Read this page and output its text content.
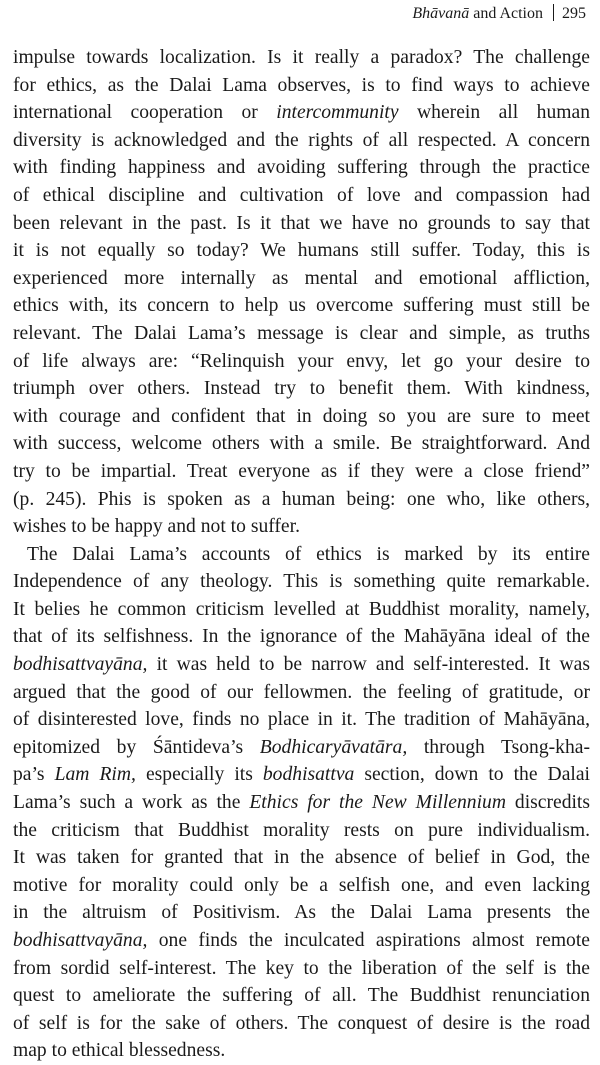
Bhāvanā and Action 295
impulse towards localization. Is it really a paradox? The challenge
for ethics, as the Dalai Lama observes, is to find ways to achieve
international cooperation or intercommunity wherein all human
diversity is acknowledged and the rights of all respected. A concern
with finding happiness and avoiding suffering through the practice
of ethical discipline and cultivation of love and compassion had
been relevant in the past. Is it that we have no grounds to say that
it is not equally so today? We humans still suffer. Today, this is
experienced more internally as mental and emotional affliction,
ethics with, its concern to help us overcome suffering must still be
relevant. The Dalai Lama’s message is clear and simple, as truths
of life always are: “Relinquish your envy, let go your desire to
triumph over others. Instead try to benefit them. With kindness,
with courage and confident that in doing so you are sure to meet
with success, welcome others with a smile. Be straightforward. And
try to be impartial. Treat everyone as if they were a close friend”
(p. 245). Phis is spoken as a human being: one who, like others,
wishes to be happy and not to suffer.
The Dalai Lama’s accounts of ethics is marked by its entire
Independence of any theology. This is something quite remarkable.
It belies he common criticism levelled at Buddhist morality, namely,
that of its selfishness. In the ignorance of the Mahāyāna ideal of the
bodhisattvayāna, it was held to be narrow and self-interested. It was
argued that the good of our fellowmen. the feeling of gratitude, or
of disinterested love, finds no place in it. The tradition of Mahāyāna,
epitomized by Śāntideva’s Bodhicaryāvatāra, through Tsong-kha-
pa’s Lam Rim, especially its bodhisattva section, down to the Dalai
Lama’s such a work as the Ethics for the New Millennium discredits
the criticism that Buddhist morality rests on pure individualism.
It was taken for granted that in the absence of belief in God, the
motive for morality could only be a selfish one, and even lacking
in the altruism of Positivism. As the Dalai Lama presents the
bodhisattvayāna, one finds the inculcated aspirations almost remote
from sordid self-interest. The key to the liberation of the self is the
quest to ameliorate the suffering of all. The Buddhist renunciation
of self is for the sake of others. The conquest of desire is the road
map to ethical blessedness.
